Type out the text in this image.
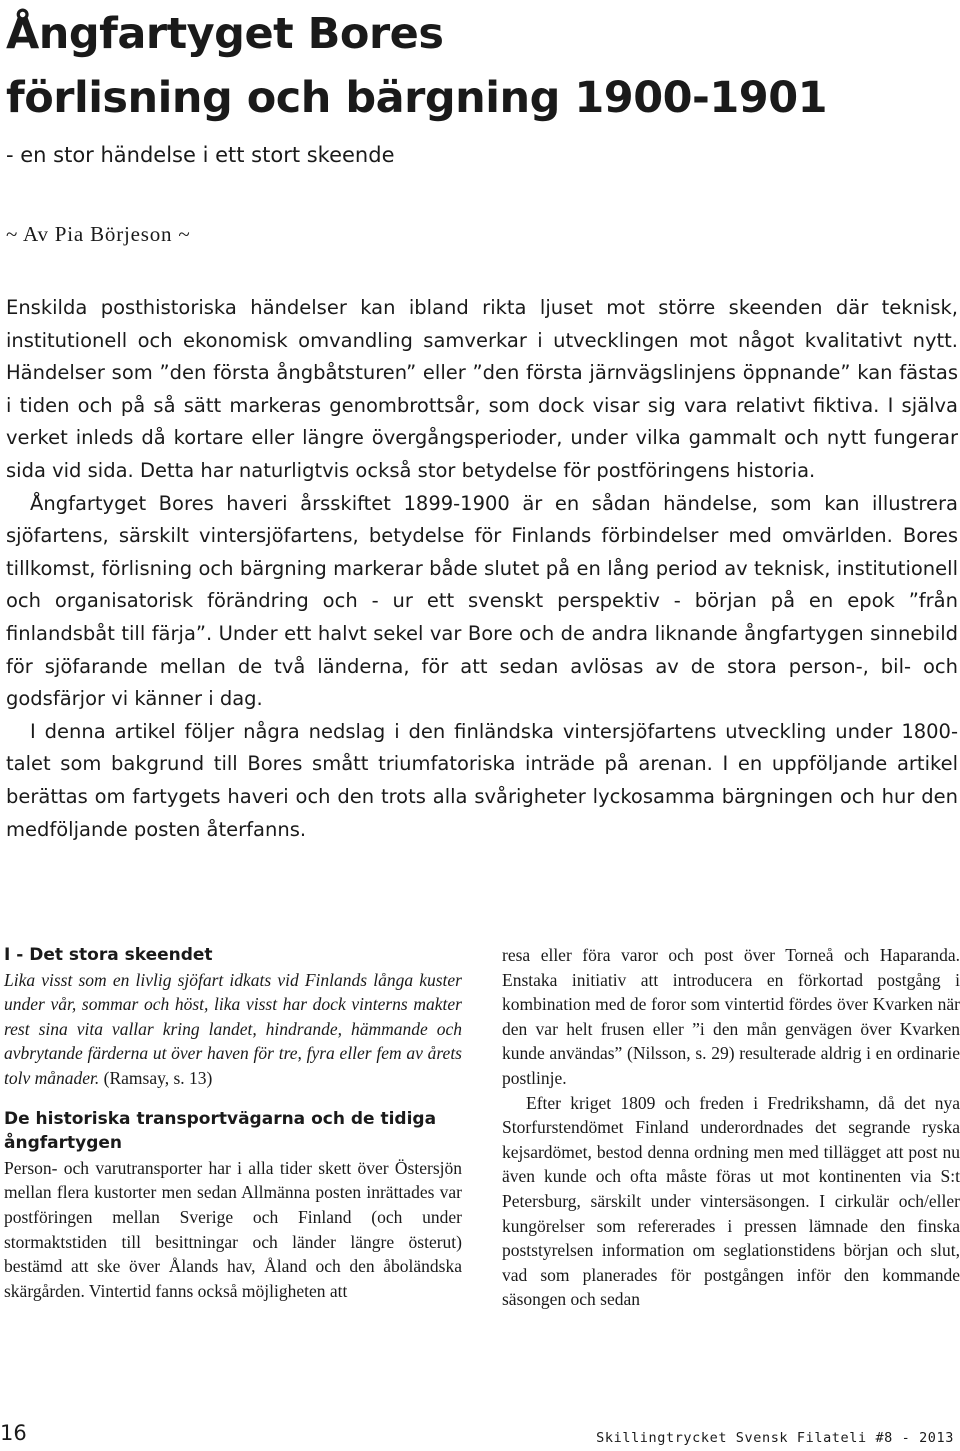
Ångfartyget Bores
förlisning och bärgning 1900-1901
- en stor händelse i ett stort skeende
~ Av Pia Börjeson ~

Enskilda posthistoriska händelser kan ibland rikta ljuset mot större skeenden där teknisk, institutionell och ekonomisk omvandling samverkar i utvecklingen mot något kvalitativt nytt. Händelser som ”den första ångbåtsturen” eller ”den första järnvägslinjens öppnande” kan fästas i tiden och på så sätt markeras genombrottsår, som dock visar sig vara relativt fiktiva. I själva verket inleds då kortare eller längre övergångsperioder, under vilka gammalt och nytt fungerar sida vid sida. Detta har naturligtvis också stor betydelse för postföringens historia.

Ångfartyget Bores haveri årsskiftet 1899-1900 är en sådan händelse, som kan illustrera sjöfartens, särskilt vintersjöfartens, betydelse för Finlands förbindelser med omvärlden. Bores tillkomst, förlisning och bärgning markerar både slutet på en lång period av teknisk, institutionell och organisatorisk förändring och - ur ett svenskt perspektiv - början på en epok ”från finlandsbåt till färja”. Under ett halvt sekel var Bore och de andra liknande ångfartygen sinnebild för sjöfarande mellan de två länderna, för att sedan avlösas av de stora person-, bil- och godsfärjor vi känner i dag.

I denna artikel följer några nedslag i den finländska vintersjöfartens utveckling under 1800-talet som bakgrund till Bores smått triumfatoriska inträde på arenan. I en uppföljande artikel berättas om fartygets haveri och den trots alla svårigheter lyckosamma bärgningen och hur den medföljande posten återfanns.

I - Det stora skeendet

Lika visst som en livlig sjöfart idkats vid Finlands långa kuster under vår, sommar och höst, lika visst har dock vinterns makter rest sina vita vallar kring landet, hindrande, hämmande och avbrytande färderna ut över haven för tre, fyra eller fem av årets tolv månader. (Ramsay, s. 13)

De historiska transportvägarna och de tidiga ångfartygen

Person- och varutransporter har i alla tider skett över Östersjön mellan flera kustorter men sedan Allmänna posten inrättades var postföringen mellan Sverige och Finland (och under stormaktstiden till besittningar och länder längre österut) bestämd att ske över Ålands hav, Åland och den åboländska skärgården. Vintertid fanns också möjligheten att

resa eller föra varor och post över Torneå och Haparanda. Enstaka initiativ att introducera en förkortad postgång i kombination med de foror som vintertid fördes över Kvarken när den var helt frusen eller ”i den mån genvägen över Kvarken kunde användas” (Nilsson, s. 29) resulterade aldrig i en ordinarie postlinje.

Efter kriget 1809 och freden i Fredrikshamn, då det nya Storfurstendömet Finland underordnades det segrande ryska kejsardömet, bestod denna ordning men med tillägget att post nu även kunde och ofta måste föras ut mot kontinenten via S:t Petersburg, särskilt under vintersäsongen. I cirkulär och/eller kungörelser som refererades i pressen lämnade den finska poststyrelsen information om seglationstidens början och slut, vad som planerades för postgången inför den kommande säsongen och sedan

16	Skillingtrycket Svensk Filateli #8 - 2013
